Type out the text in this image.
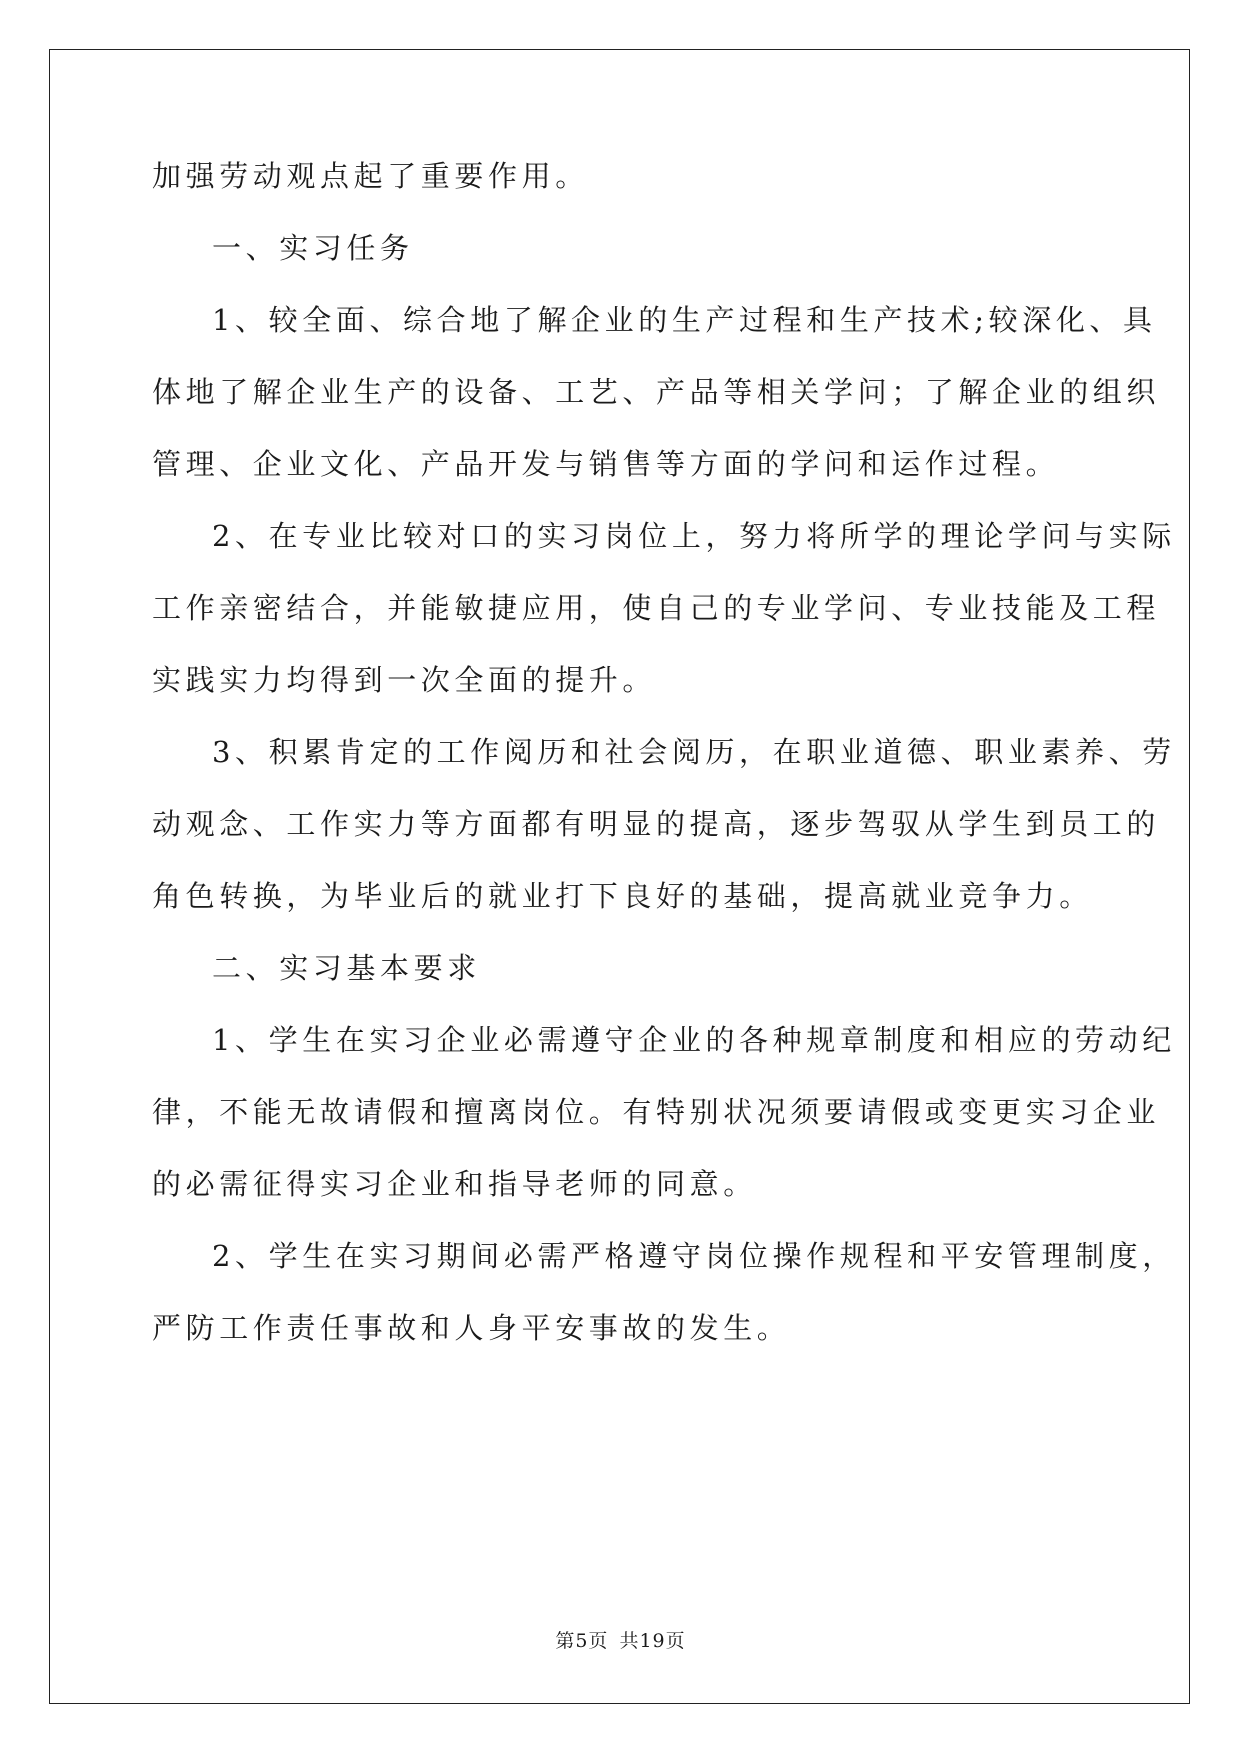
加强劳动观点起了重要作用。
一、实习任务
1、较全面、综合地了解企业的生产过程和生产技术;较深化、具
体地了解企业生产的设备、工艺、产品等相关学问；了解企业的组织
管理、企业文化、产品开发与销售等方面的学问和运作过程。
2、在专业比较对口的实习岗位上，努力将所学的理论学问与实际
工作亲密结合，并能敏捷应用，使自己的专业学问、专业技能及工程
实践实力均得到一次全面的提升。
3、积累肯定的工作阅历和社会阅历，在职业道德、职业素养、劳
动观念、工作实力等方面都有明显的提高，逐步驾驭从学生到员工的
角色转换，为毕业后的就业打下良好的基础，提高就业竞争力。
二、实习基本要求
1、学生在实习企业必需遵守企业的各种规章制度和相应的劳动纪
律，不能无故请假和擅离岗位。有特别状况须要请假或变更实习企业
的必需征得实习企业和指导老师的同意。
2、学生在实习期间必需严格遵守岗位操作规程和平安管理制度，
严防工作责任事故和人身平安事故的发生。
第5页 共19页
